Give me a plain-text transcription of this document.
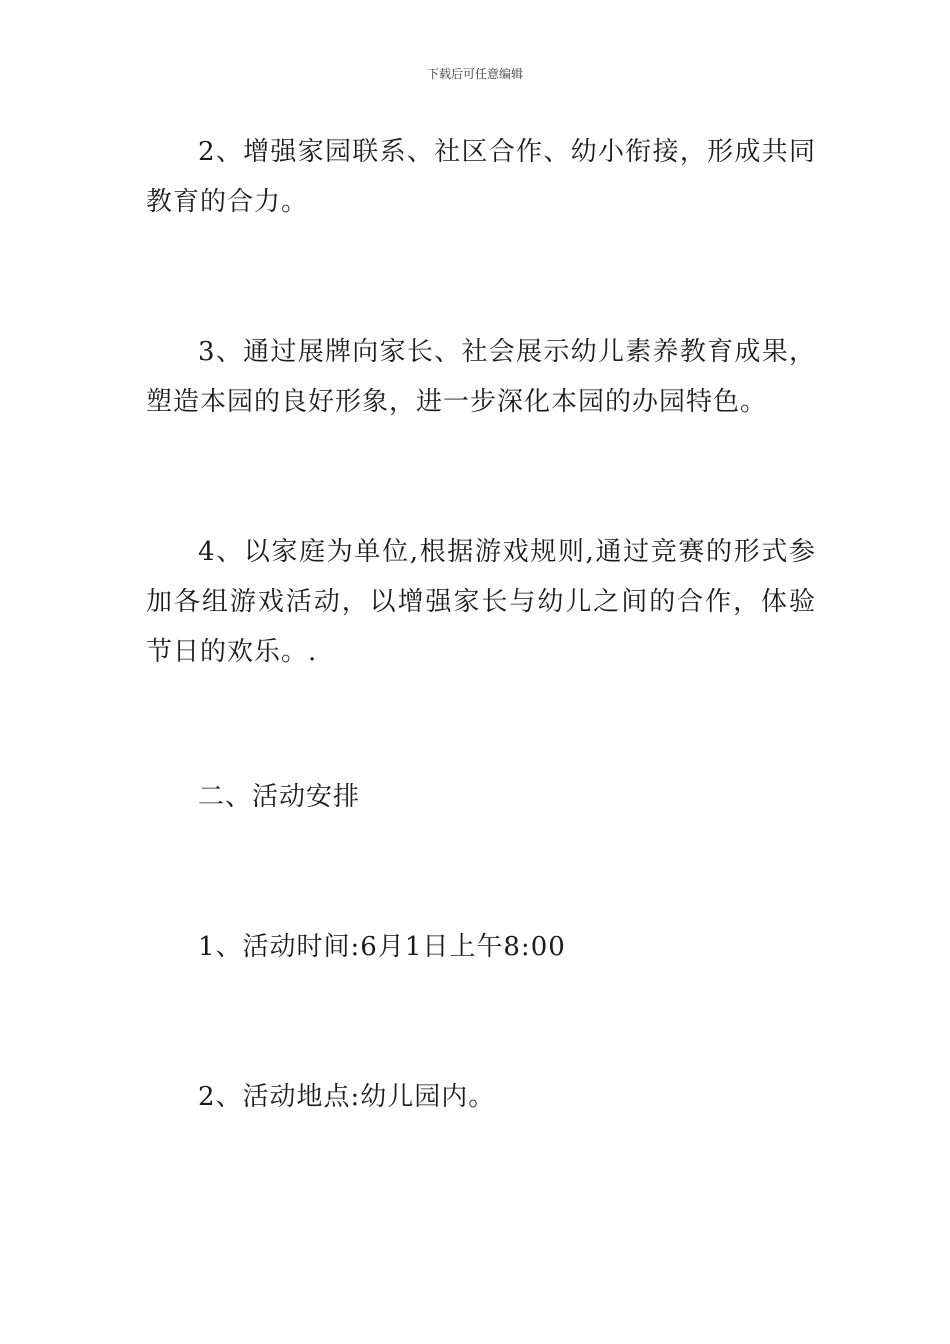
下载后可任意编辑

2、增强家园联系、社区合作、幼小衔接，形成共同教育的合力。

3、通过展牌向家长、社会展示幼儿素养教育成果，塑造本园的良好形象，进一步深化本园的办园特色。

4、以家庭为单位,根据游戏规则,通过竞赛的形式参加各组游戏活动，以增强家长与幼儿之间的合作，体验节日的欢乐。.

二、活动安排

1、活动时间:6月1日上午8:00

2、活动地点:幼儿园内。
